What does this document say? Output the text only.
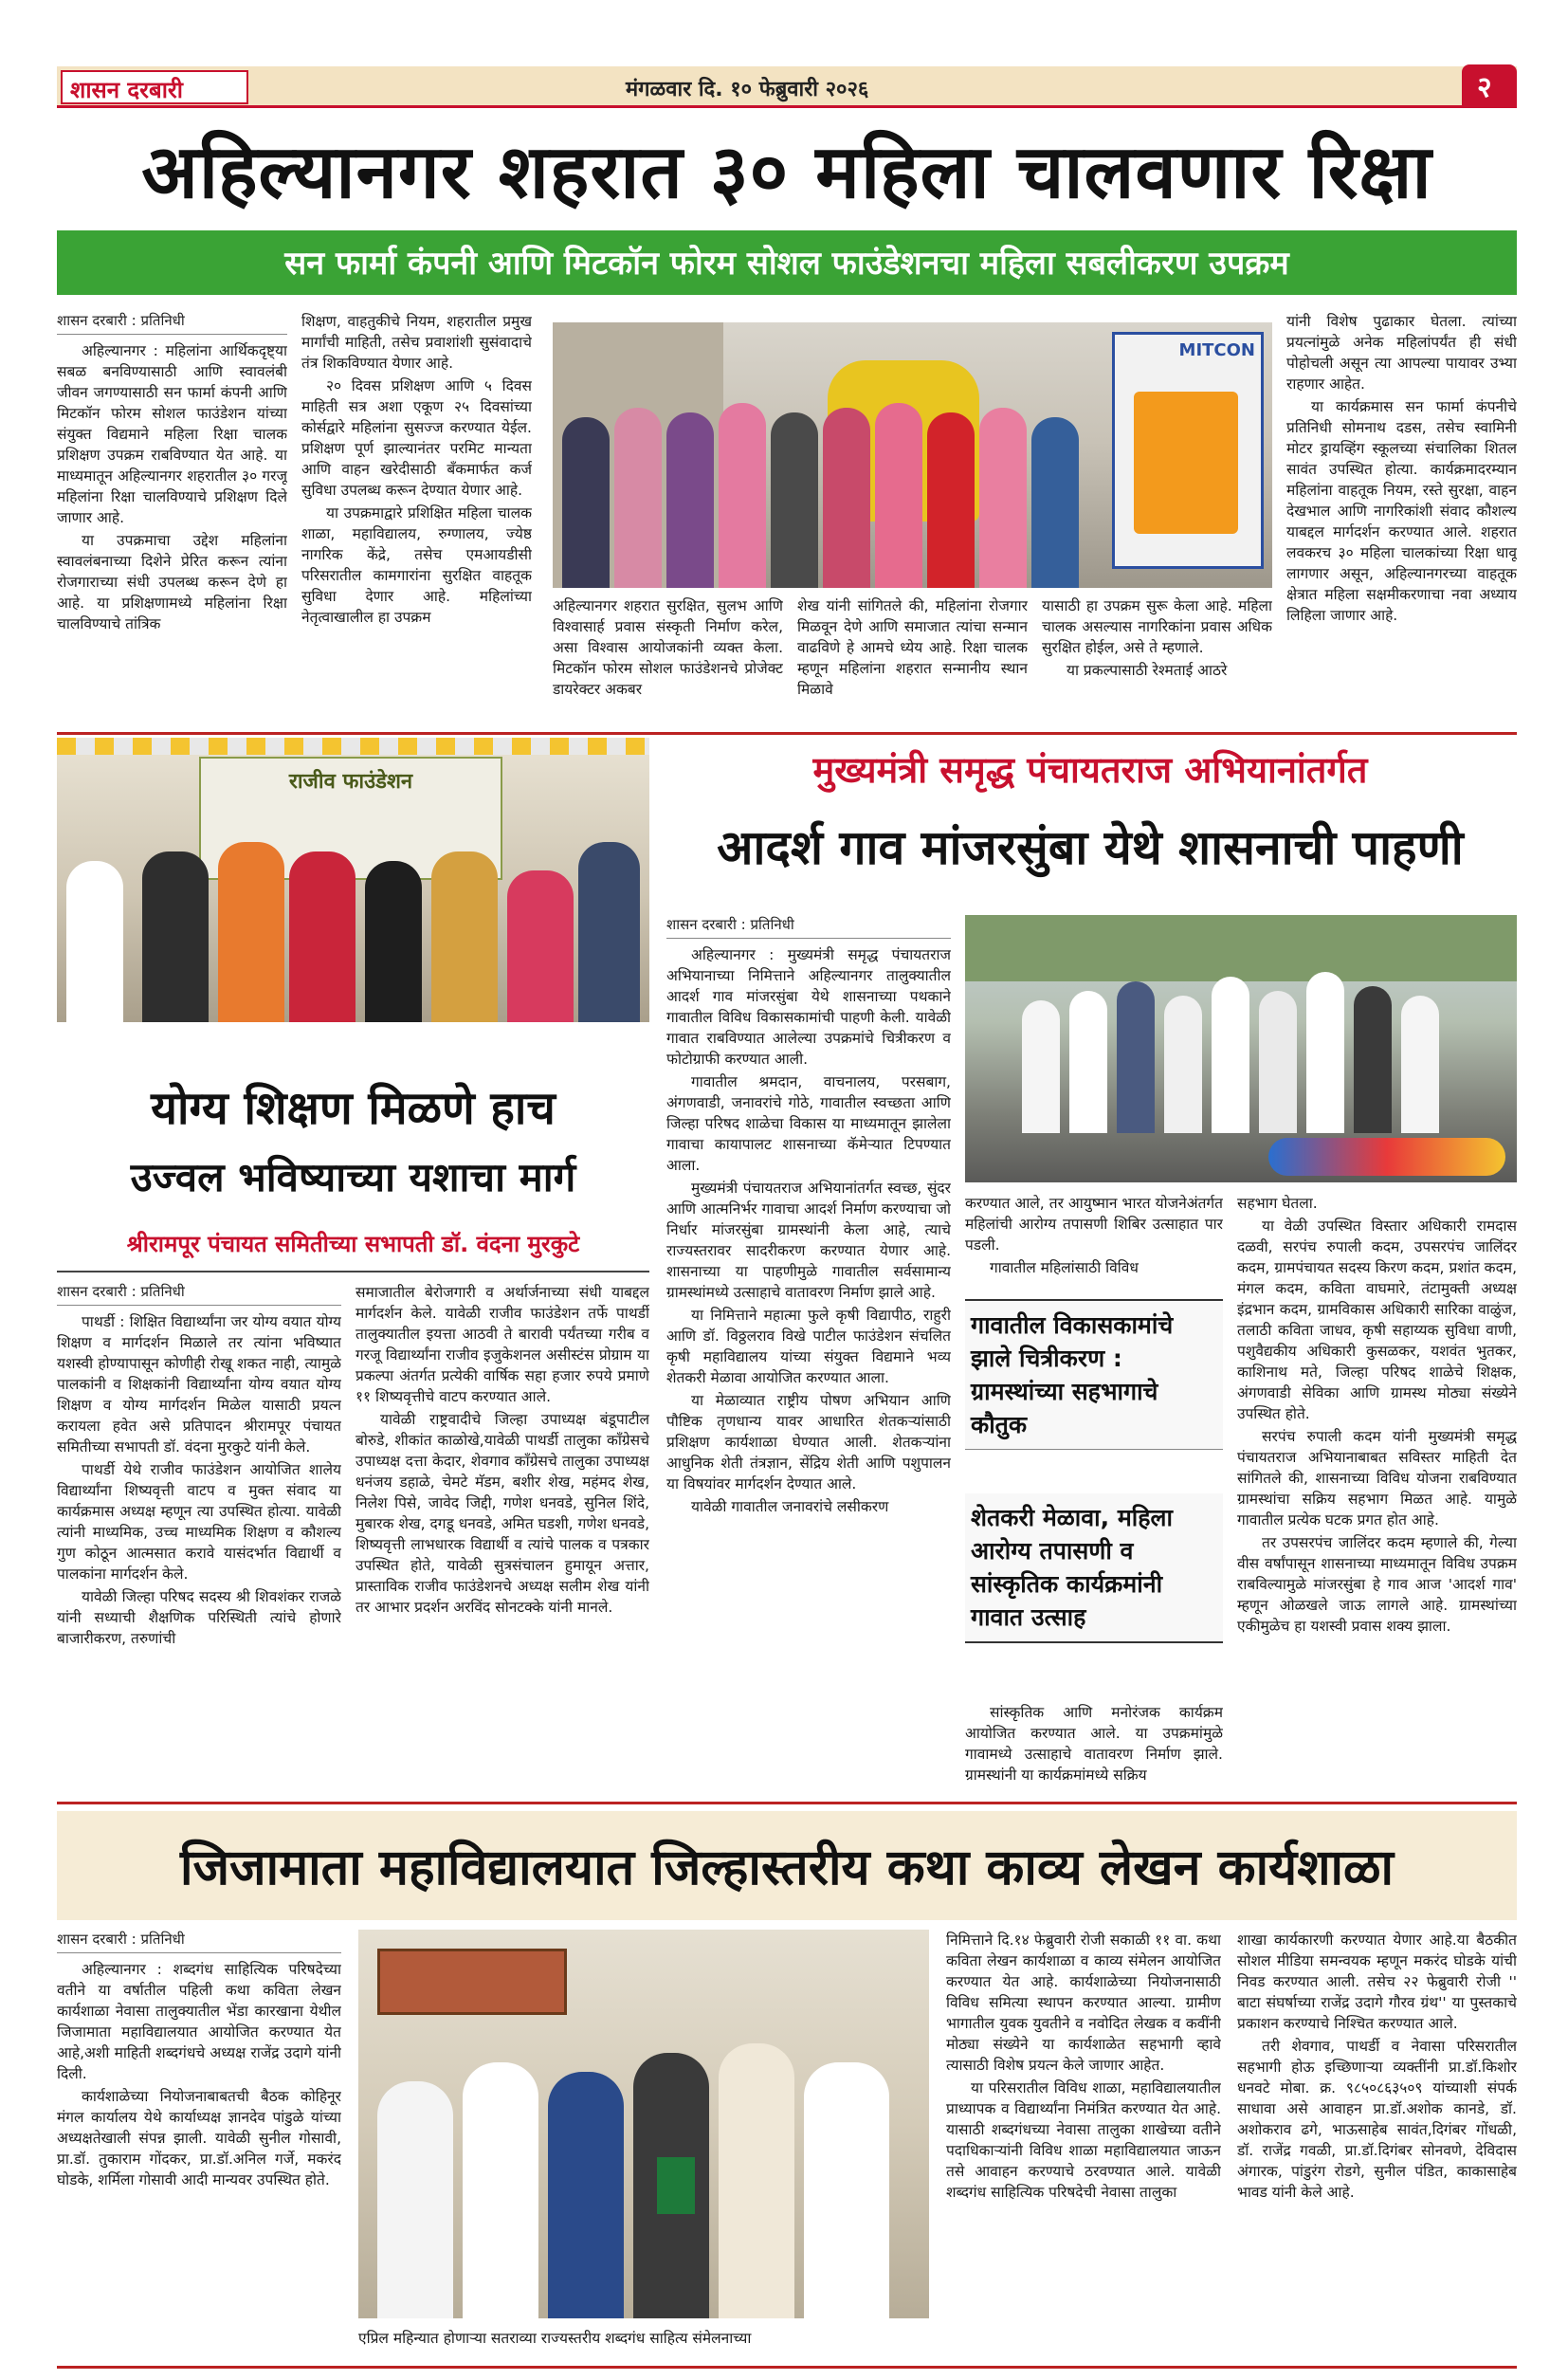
शासन दरबारी	मंगळवार दि. १० फेब्रुवारी २०२६	२
अहिल्यानगर शहरात ३० महिला चालवणार रिक्षा
सन फार्मा कंपनी आणि मिटकॉन फोरम सोशल फाउंडेशनचा महिला सबलीकरण उपक्रम
शासन दरबारी : प्रतिनिधी

अहिल्यानगर : महिलांना आर्थिकदृष्ट्या सबळ बनविण्यासाठी आणि स्वावलंबी जीवन जगण्यासाठी सन फार्मा कंपनी आणि मिटकॉन फोरम सोशल फाउंडेशन यांच्या संयुक्त विद्यमाने महिला रिक्षा चालक प्रशिक्षण उपक्रम राबविण्यात येत आहे. या माध्यमातून अहिल्यानगर शहरातील ३० गरजू महिलांना रिक्षा चालविण्याचे प्रशिक्षण दिले जाणार आहे.

या उपक्रमाचा उद्देश महिलांना स्वावलंबनाच्या दिशेने प्रेरित करून त्यांना रोजगाराच्या संधी उपलब्ध करून देणे हा आहे. या प्रशिक्षणामध्ये महिलांना रिक्षा चालविण्याचे तांत्रिक

शिक्षण, वाहतुकीचे नियम, शहरातील प्रमुख मार्गांची माहिती, तसेच प्रवाशांशी सुसंवादाचे तंत्र शिकविण्यात येणार आहे.

२० दिवस प्रशिक्षण आणि ५ दिवस माहिती सत्र अशा एकूण २५ दिवसांच्या कोर्सद्वारे महिलांना सुसज्ज करण्यात येईल. प्रशिक्षण पूर्ण झाल्यानंतर परमिट मान्यता आणि वाहन खरेदीसाठी बँकमार्फत कर्ज सुविधा उपलब्ध करून देण्यात येणार आहे.

या उपक्रमाद्वारे प्रशिक्षित महिला चालक शाळा, महाविद्यालय, रुग्णालय, ज्येष्ठ नागरिक केंद्रे, तसेच एमआयडीसी परिसरातील कामगारांना सुरक्षित वाहतूक सुविधा देणार आहे. महिलांच्या नेतृत्वाखालील हा उपक्रम

MITCON

अहिल्यानगर शहरात सुरक्षित, सुलभ आणि विश्वासार्ह प्रवास संस्कृती निर्माण करेल, असा विश्वास आयोजकांनी व्यक्त केला. मिटकॉन फोरम सोशल फाउंडेशनचे प्रोजेक्ट डायरेक्टर अकबर

शेख यांनी सांगितले की, महिलांना रोजगार मिळवून देणे आणि समाजात त्यांचा सन्मान वाढविणे हे आमचे ध्येय आहे. रिक्षा चालक म्हणून महिलांना शहरात सन्मानीय स्थान मिळावे

यासाठी हा उपक्रम सुरू केला आहे. महिला चालक असल्यास नागरिकांना प्रवास अधिक सुरक्षित होईल, असे ते म्हणाले.

या प्रकल्पासाठी रेश्मताई आठरे

यांनी विशेष पुढाकार घेतला. त्यांच्या प्रयत्नांमुळे अनेक महिलांपर्यंत ही संधी पोहोचली असून त्या आपल्या पायावर उभ्या राहणार आहेत.

या कार्यक्रमास सन फार्मा कंपनीचे प्रतिनिधी सोमनाथ दडस, तसेच स्वामिनी मोटर ड्रायव्हिंग स्कूलच्या संचालिका शितल सावंत उपस्थित होत्या. कार्यक्रमादरम्यान महिलांना वाहतूक नियम, रस्ते सुरक्षा, वाहन देखभाल आणि नागरिकांशी संवाद कौशल्य याबद्दल मार्गदर्शन करण्यात आले. शहरात लवकरच ३० महिला चालकांच्या रिक्षा धावू लागणार असून, अहिल्यानगरच्या वाहतूक क्षेत्रात महिला सक्षमीकरणाचा नवा अध्याय लिहिला जाणार आहे.

राजीव फाउंडेशन
योग्य शिक्षण मिळणे हाच
उज्वल भविष्याच्या यशाचा मार्ग
श्रीरामपूर पंचायत समितीच्या सभापती डॉ. वंदना मुरकुटे
शासन दरबारी : प्रतिनिधी

पाथर्डी : शिक्षित विद्यार्थ्यांना जर योग्य वयात योग्य शिक्षण व मार्गदर्शन मिळाले तर त्यांना भविष्यात यशस्वी होण्यापासून कोणीही रोखू शकत नाही, त्यामुळे पालकांनी व शिक्षकांनी विद्यार्थ्यांना योग्य वयात योग्य शिक्षण व योग्य मार्गदर्शन मिळेल यासाठी प्रयत्न करायला हवेत असे प्रतिपादन श्रीरामपूर पंचायत समितीच्या सभापती डॉ. वंदना मुरकुटे यांनी केले.

पाथर्डी येथे राजीव फाउंडेशन आयोजित शालेय विद्यार्थ्यांना शिष्यवृत्ती वाटप व मुक्त संवाद या कार्यक्रमास अध्यक्ष म्हणून त्या उपस्थित होत्या. यावेळी त्यांनी माध्यमिक, उच्च माध्यमिक शिक्षण व कौशल्य गुण कोठून आत्मसात करावे यासंदर्भात विद्यार्थी व पालकांना मार्गदर्शन केले.

यावेळी जिल्हा परिषद सदस्य श्री शिवशंकर राजळे यांनी सध्याची शैक्षणिक परिस्थिती त्यांचे होणारे बाजारीकरण, तरुणांची

समाजातील बेरोजगारी व अर्थार्जनाच्या संधी याबद्दल मार्गदर्शन केले. यावेळी राजीव फाउंडेशन तर्फे पाथर्डी तालुक्यातील इयत्ता आठवी ते बारावी पर्यंतच्या गरीब व गरजू विद्यार्थ्यांना राजीव इजुकेशनल असीस्टंस प्रोग्राम या प्रकल्पा अंतर्गत प्रत्येकी वार्षिक सहा हजार रुपये प्रमाणे ११ शिष्यवृत्तीचे वाटप करण्यात आले.

यावेळी राष्ट्रवादीचे जिल्हा उपाध्यक्ष बंडूपाटील बोरुडे, शीकांत काळोखे,यावेळी पाथर्डी तालुका कॉंग्रेसचे उपाध्यक्ष दत्ता केदार, शेवगाव कॉंग्रेसचे तालुका उपाध्यक्ष धनंजय डहाळे, चेमटे मॅडम, बशीर शेख, महंमद शेख, निलेश पिसे, जावेद जिद्दी, गणेश धनवडे, सुनिल शिंदे, मुबारक शेख, दगडू धनवडे, अमित घडशी, गणेश धनवडे, शिष्यवृत्ती लाभधारक विद्यार्थी व त्यांचे पालक व पत्रकार उपस्थित होते, यावेळी सुत्रसंचालन हुमायून अत्तार, प्रास्ताविक राजीव फाउंडेशनचे अध्यक्ष सलीम शेख यांनी तर आभार प्रदर्शन अरविंद सोनटक्के यांनी मानले.

मुख्यमंत्री समृद्ध पंचायतराज अभियानांतर्गत
आदर्श गाव मांजरसुंबा येथे शासनाची पाहणी
शासन दरबारी : प्रतिनिधी

अहिल्यानगर : मुख्यमंत्री समृद्ध पंचायतराज अभियानाच्या निमित्ताने अहिल्यानगर तालुक्यातील आदर्श गाव मांजरसुंबा येथे शासनाच्या पथकाने गावातील विविध विकासकामांची पाहणी केली. यावेळी गावात राबविण्यात आलेल्या उपक्रमांचे चित्रीकरण व फोटोग्राफी करण्यात आली.

गावातील श्रमदान, वाचनालय, परसबाग, अंगणवाडी, जनावरांचे गोठे, गावातील स्वच्छता आणि जिल्हा परिषद शाळेचा विकास या माध्यमातून झालेला गावाचा कायापालट शासनाच्या कॅमेऱ्यात टिपण्यात आला.

मुख्यमंत्री पंचायतराज अभियानांतर्गत स्वच्छ, सुंदर आणि आत्मनिर्भर गावाचा आदर्श निर्माण करण्याचा जो निर्धार मांजरसुंबा ग्रामस्थांनी केला आहे, त्याचे राज्यस्तरावर सादरीकरण करण्यात येणार आहे. शासनाच्या या पाहणीमुळे गावातील सर्वसामान्य ग्रामस्थांमध्ये उत्साहाचे वातावरण निर्माण झाले आहे.

या निमित्ताने महात्मा फुले कृषी विद्यापीठ, राहुरी आणि डॉ. विठ्ठलराव विखे पाटील फाउंडेशन संचलित कृषी महाविद्यालय यांच्या संयुक्त विद्यमाने भव्य शेतकरी मेळावा आयोजित करण्यात आला.

या मेळाव्यात राष्ट्रीय पोषण अभियान आणि पौष्टिक तृणधान्य यावर आधारित शेतकऱ्यांसाठी प्रशिक्षण कार्यशाळा घेण्यात आली. शेतकऱ्यांना आधुनिक शेती तंत्रज्ञान, सेंद्रिय शेती आणि पशुपालन या विषयांवर मार्गदर्शन देण्यात आले.

यावेळी गावातील जनावरांचे लसीकरण

करण्यात आले, तर आयुष्मान भारत योजनेअंतर्गत महिलांची आरोग्य तपासणी शिबिर उत्साहात पार पडली.

गावातील महिलांसाठी विविध

गावातील विकासकामांचे झाले चित्रीकरण : ग्रामस्थांच्या सहभागाचे कौतुक
शेतकरी मेळावा, महिला आरोग्य तपासणी व सांस्कृतिक कार्यक्रमांनी गावात उत्साह

सांस्कृतिक आणि मनोरंजक कार्यक्रम आयोजित करण्यात आले. या उपक्रमांमुळे गावामध्ये उत्साहाचे वातावरण निर्माण झाले. ग्रामस्थांनी या कार्यक्रमांमध्ये सक्रिय

सहभाग घेतला.

या वेळी उपस्थित विस्तार अधिकारी रामदास दळवी, सरपंच रुपाली कदम, उपसरपंच जालिंदर कदम, ग्रामपंचायत सदस्य किरण कदम, प्रशांत कदम, मंगल कदम, कविता वाघमारे, तंटामुक्ती अध्यक्ष इंद्रभान कदम, ग्रामविकास अधिकारी सारिका वाळुंज, तलाठी कविता जाधव, कृषी सहाय्यक सुविधा वाणी, पशुवैद्यकीय अधिकारी कुसळकर, यशवंत भुतकर, काशिनाथ मते, जिल्हा परिषद शाळेचे शिक्षक, अंगणवाडी सेविका आणि ग्रामस्थ मोठ्या संख्येने उपस्थित होते.

सरपंच रुपाली कदम यांनी मुख्यमंत्री समृद्ध पंचायतराज अभियानाबाबत सविस्तर माहिती देत सांगितले की, शासनाच्या विविध योजना राबविण्यात ग्रामस्थांचा सक्रिय सहभाग मिळत आहे. यामुळे गावातील प्रत्येक घटक प्रगत होत आहे.

तर उपसरपंच जालिंदर कदम म्हणाले की, गेल्या वीस वर्षांपासून शासनाच्या माध्यमातून विविध उपक्रम राबविल्यामुळे मांजरसुंबा हे गाव आज 'आदर्श गाव' म्हणून ओळखले जाऊ लागले आहे. ग्रामस्थांच्या एकीमुळेच हा यशस्वी प्रवास शक्य झाला.

जिजामाता महाविद्यालयात जिल्हास्तरीय कथा काव्य लेखन कार्यशाळा
शासन दरबारी : प्रतिनिधी

अहिल्यानगर : शब्दगंध साहित्यिक परिषदेच्या वतीने या वर्षातील पहिली कथा कविता लेखन कार्यशाळा नेवासा तालुक्यातील भेंडा कारखाना येथील जिजामाता महाविद्यालयात आयोजित करण्यात येत आहे,अशी माहिती शब्दगंधचे अध्यक्ष राजेंद्र उदागे यांनी दिली.

कार्यशाळेच्या नियोजनाबाबतची बैठक कोहिनूर मंगल कार्यालय येथे कार्याध्यक्ष ज्ञानदेव पांडुळे यांच्या अध्यक्षतेखाली संपन्न झाली. यावेळी सुनील गोसावी, प्रा.डॉ. तुकाराम गोंदकर, प्रा.डॉ.अनिल गर्जे, मकरंद घोडके, शर्मिला गोसावी आदी मान्यवर उपस्थित होते.

एप्रिल महिन्यात होणाऱ्या सतराव्या राज्यस्तरीय शब्दगंध साहित्य संमेलनाच्या

निमित्ताने दि.१४ फेब्रुवारी रोजी सकाळी ११ वा. कथा कविता लेखन कार्यशाळा व काव्य संमेलन आयोजित करण्यात येत आहे. कार्यशाळेच्या नियोजनासाठी विविध समित्या स्थापन करण्यात आल्या. ग्रामीण भागातील युवक युवतीने व नवोदित लेखक व कवींनी मोठ्या संख्येने या कार्यशाळेत सहभागी व्हावे त्यासाठी विशेष प्रयत्न केले जाणार आहेत.

या परिसरातील विविध शाळा, महाविद्यालयातील प्राध्यापक व विद्यार्थ्यांना निमंत्रित करण्यात येत आहे. यासाठी शब्दगंधच्या नेवासा तालुका शाखेच्या वतीने पदाधिकाऱ्यांनी विविध शाळा महाविद्यालयात जाऊन तसे आवाहन करण्याचे ठरवण्यात आले. यावेळी शब्दगंध साहित्यिक परिषदेची नेवासा तालुका

शाखा कार्यकारणी करण्यात येणार आहे.या बैठकीत सोशल मीडिया समन्वयक म्हणून मकरंद घोडके यांची निवड करण्यात आली. तसेच २२ फेब्रुवारी रोजी '' बाटा संघर्षाच्या राजेंद्र उदागे गौरव ग्रंथ'' या पुस्तकाचे प्रकाशन करण्याचे निश्चित करण्यात आले.

तरी शेवगाव, पाथर्डी व नेवासा परिसरातील सहभागी होऊ इच्छिणाऱ्या व्यक्तींनी प्रा.डॉ.किशोर धनवटे मोबा. क्र. ९८५०८६३५०९ यांच्याशी संपर्क साधावा असे आवाहन प्रा.डॉ.अशोक कानडे, डॉ. अशोकराव ढगे, भाऊसाहेब सावंत,दिगंबर गोंधळी, डॉ. राजेंद्र गवळी, प्रा.डॉ.दिगंबर सोनवणे, देविदास अंगारक, पांडुरंग रोडगे, सुनील पंडित, काकासाहेब भावड यांनी केले आहे.
